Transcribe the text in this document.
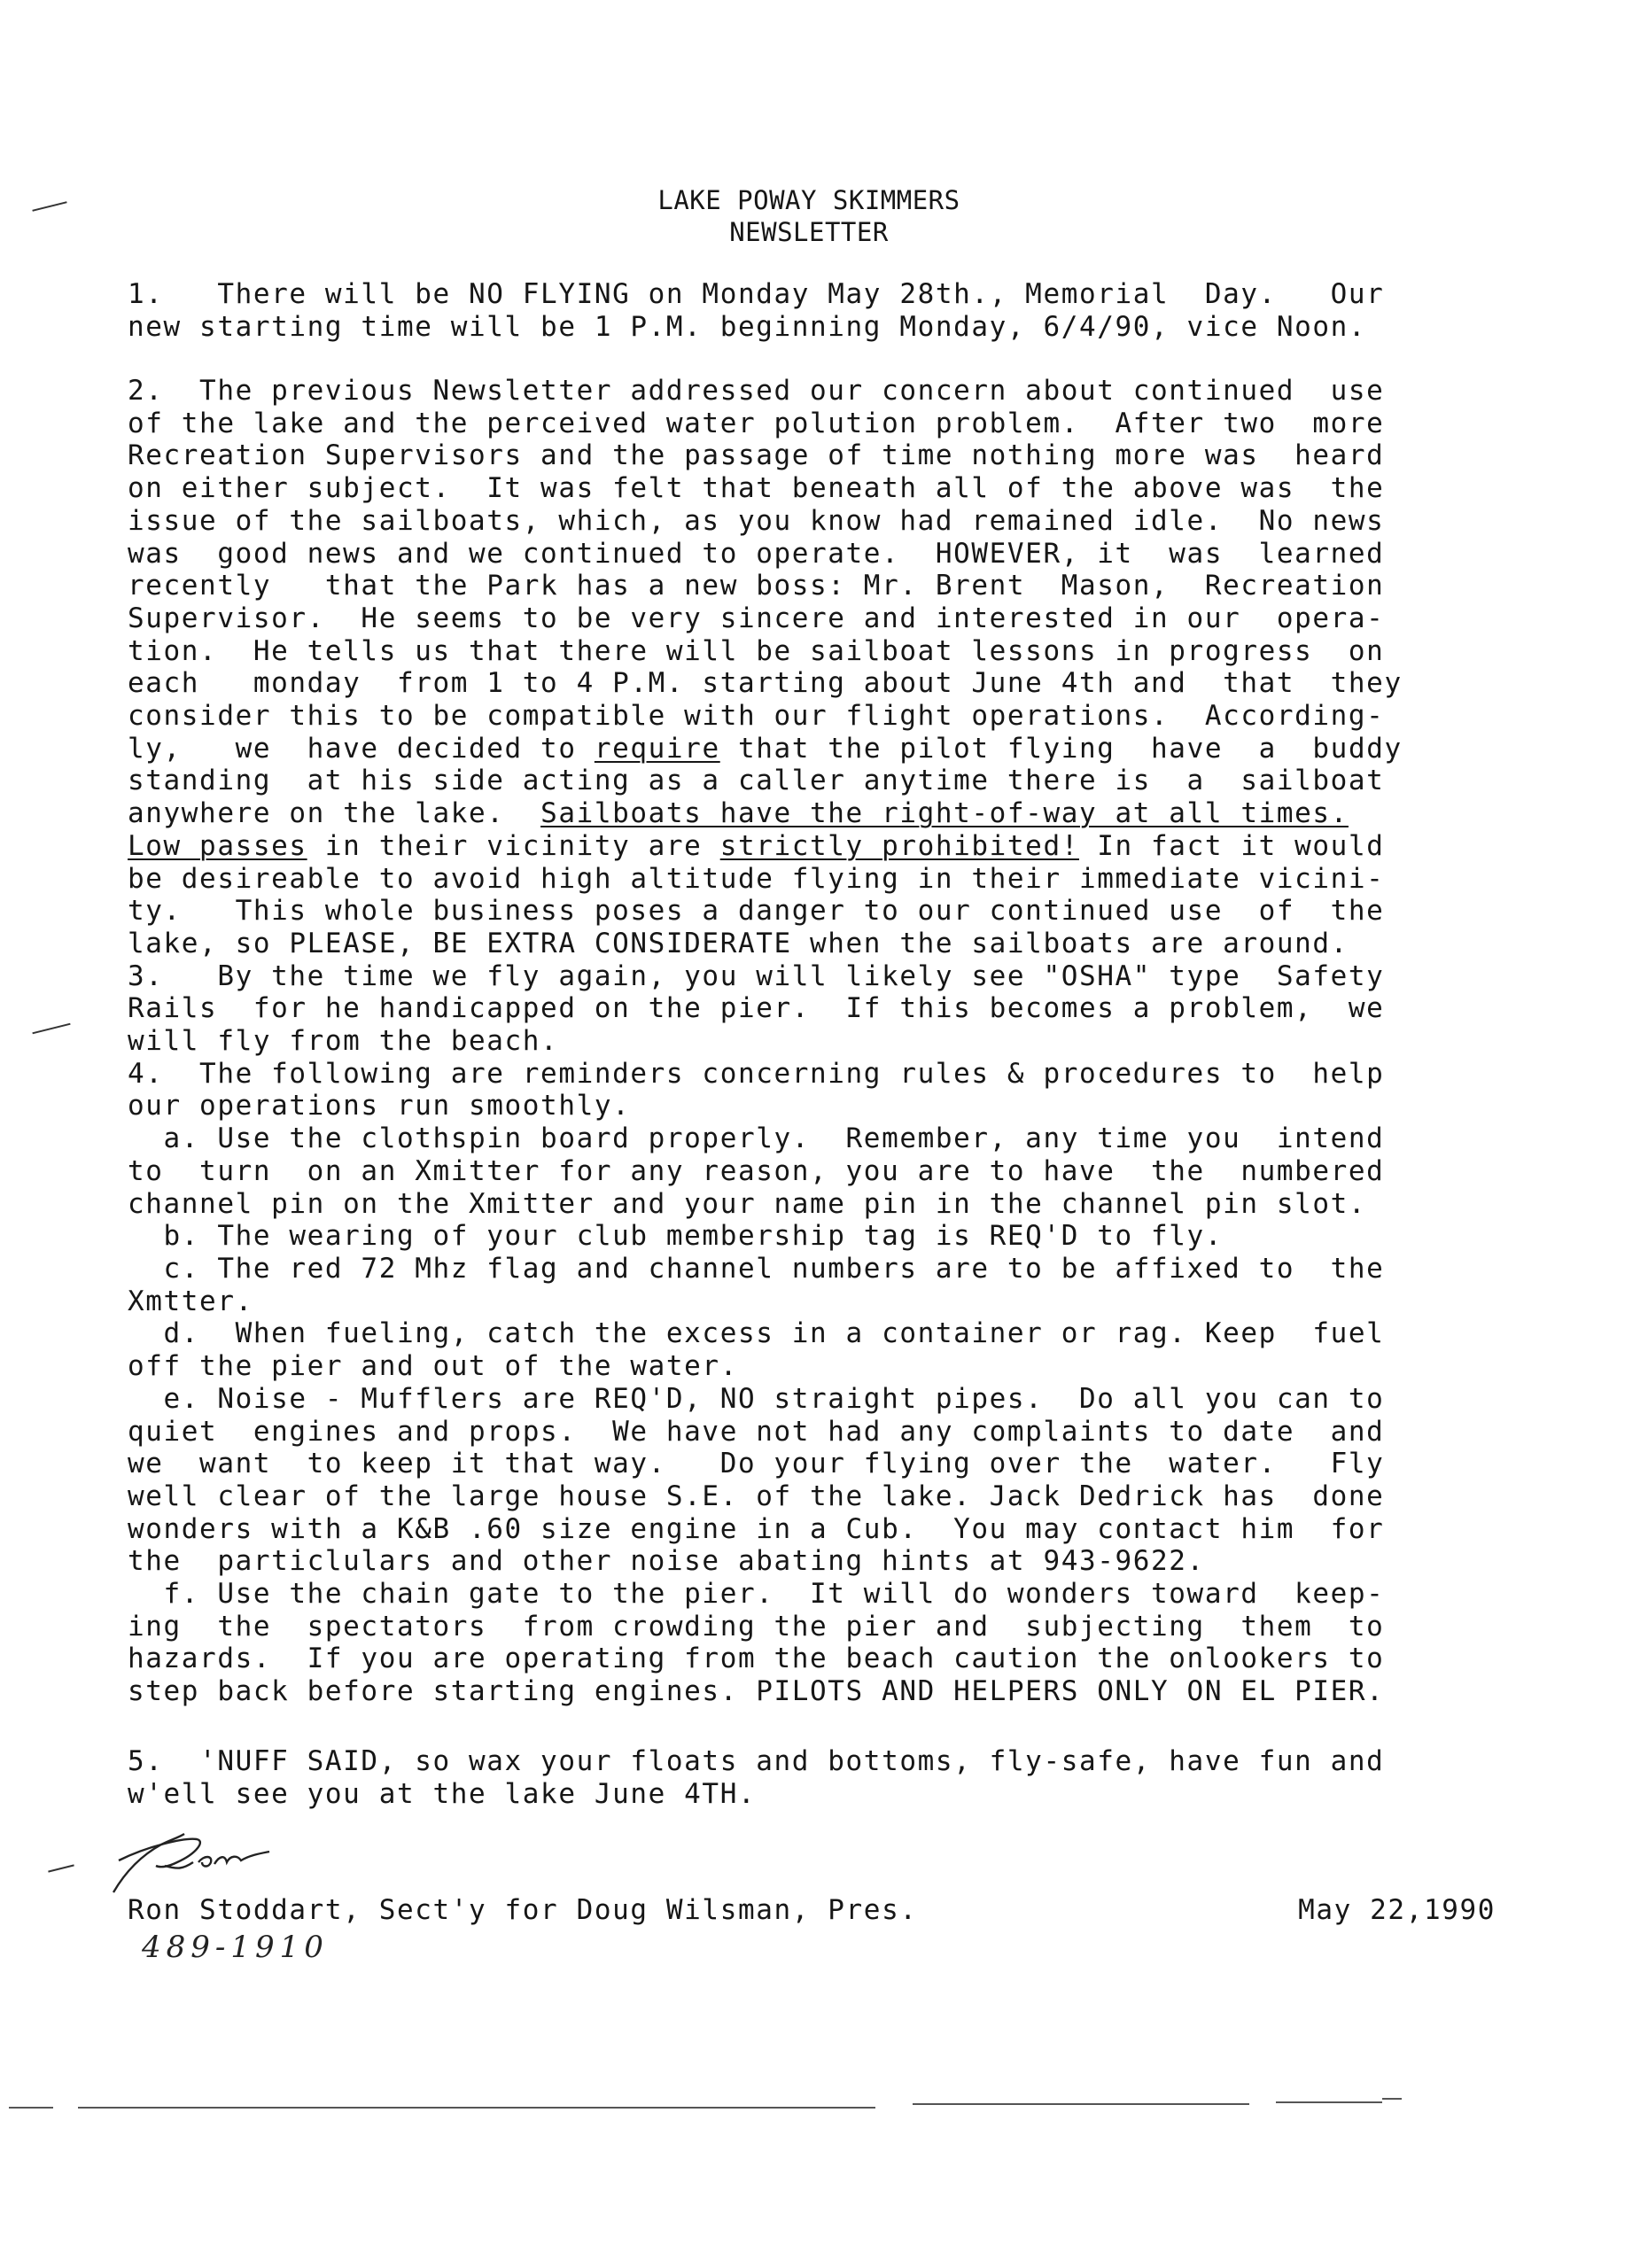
LAKE POWAY SKIMMERS
NEWSLETTER
1.   There will be NO FLYING on Monday May 28th., Memorial  Day.   Our
new starting time will be 1 P.M. beginning Monday, 6/4/90, vice Noon.
2.  The previous Newsletter addressed our concern about continued  use
of the lake and the perceived water polution problem.  After two  more
Recreation Supervisors and the passage of time nothing more was  heard
on either subject.  It was felt that beneath all of the above was  the
issue of the sailboats, which, as you know had remained idle.  No news
was  good news and we continued to operate.  HOWEVER, it  was  learned
recently   that the Park has a new boss: Mr. Brent  Mason,  Recreation
Supervisor.  He seems to be very sincere and interested in our  opera-
tion.  He tells us that there will be sailboat lessons in progress  on
each   monday  from 1 to 4 P.M. starting about June 4th and  that  they
consider this to be compatible with our flight operations.  According-
ly,   we  have decided to require that the pilot flying  have  a  buddy
standing  at his side acting as a caller anytime there is  a  sailboat
anywhere on the lake.  Sailboats have the right-of-way at all times.
Low passes in their vicinity are strictly prohibited! In fact it would
be desireable to avoid high altitude flying in their immediate vicini-
ty.   This whole business poses a danger to our continued use  of  the
lake, so PLEASE, BE EXTRA CONSIDERATE when the sailboats are around.
3.   By the time we fly again, you will likely see "OSHA" type  Safety
Rails  for he handicapped on the pier.  If this becomes a problem,  we
will fly from the beach.
4.  The following are reminders concerning rules & procedures to  help
our operations run smoothly.
a. Use the clothspin board properly.  Remember, any time you  intend
to  turn  on an Xmitter for any reason, you are to have  the  numbered
channel pin on the Xmitter and your name pin in the channel pin slot.
b. The wearing of your club membership tag is REQ'D to fly.
c. The red 72 Mhz flag and channel numbers are to be affixed to  the
Xmtter.
d.  When fueling, catch the excess in a container or rag. Keep  fuel
off the pier and out of the water.
e. Noise - Mufflers are REQ'D, NO straight pipes.  Do all you can to
quiet  engines and props.  We have not had any complaints to date  and
we  want  to keep it that way.   Do your flying over the  water.   Fly
well clear of the large house S.E. of the lake. Jack Dedrick has  done
wonders with a K&B .60 size engine in a Cub.  You may contact him  for
the  particlulars and other noise abating hints at 943-9622.
f. Use the chain gate to the pier.  It will do wonders toward  keep-
ing  the  spectators  from crowding the pier and  subjecting  them  to
hazards.  If you are operating from the beach caution the onlookers to
step back before starting engines. PILOTS AND HELPERS ONLY ON EL PIER.
5.  'NUFF SAID, so wax your floats and bottoms, fly-safe, have fun and
w'ell see you at the lake June 4TH.
Ron Stoddart, Sect'y for Doug Wilsman, Pres.	May 22,1990
489-1910
